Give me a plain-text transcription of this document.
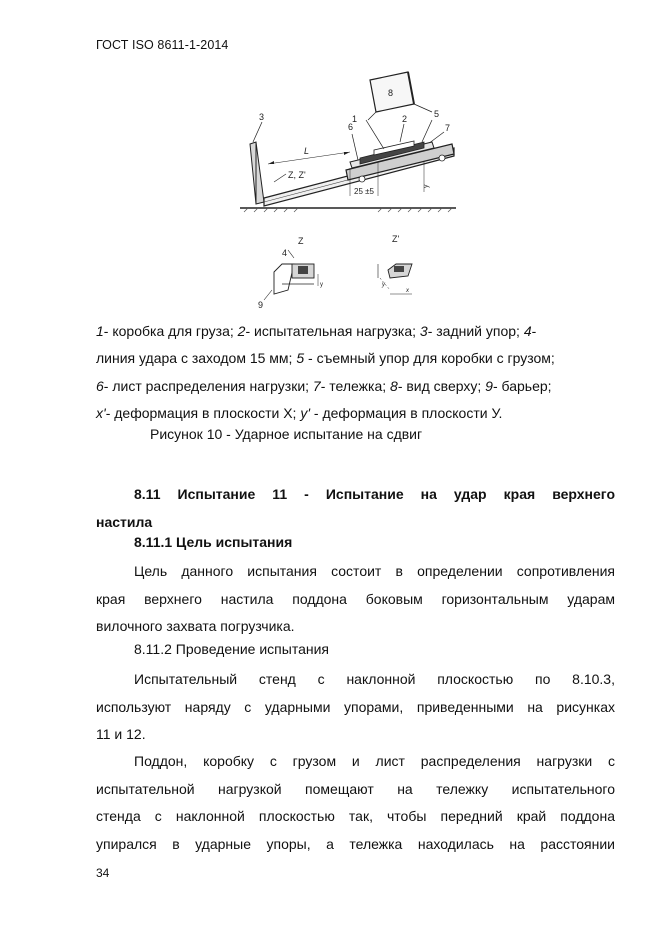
ГОСТ ISO 8611-1-2014
3
7
6
1	2
8
5
L
Z, Z'
25 ±5
y
Z
y
4
9
Z'
x
y

1- коробка для груза; 2- испытательная нагрузка; 3- задний упор; 4-

линия удара с заходом 15 мм; 5 - съемный упор для коробки с грузом;

6- лист распределения нагрузки; 7- тележка; 8- вид сверху; 9- барьер;

x'- деформация в плоскости X; y' - деформация в плоскости У.

Рисунок 10 - Ударное испытание на сдвиг
8.11 Испытание 11 - Испытание на удар края верхнего
настила
8.11.1 Цель испытания
Цель данного испытания состоит в определении сопротивления
края верхнего настила поддона боковым горизонтальным ударам
вилочного захвата погрузчика.
8.11.2 Проведение испытания
Испытательный стенд с наклонной плоскостью по 8.10.3,
используют наряду с ударными упорами, приведенными на рисунках
11 и 12.
Поддон, коробку с грузом и лист распределения нагрузки с
испытательной нагрузкой помещают на тележку испытательного
стенда с наклонной плоскостью так, чтобы передний край поддона
упирался в ударные упоры, а тележка находилась на расстоянии
34
